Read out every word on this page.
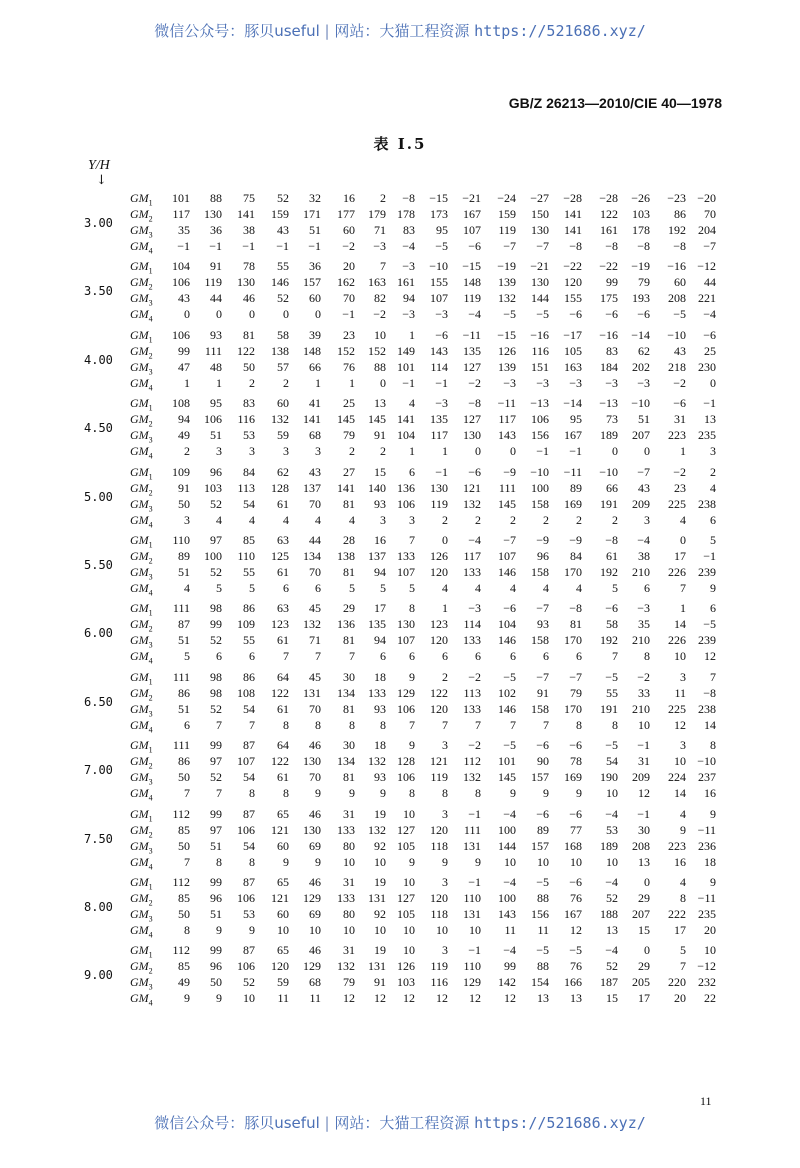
微信公众号：豚贝useful | 网站：大猫工程资源 https://521686.xyz/
GB/Z 26213—2010/CIE 40—1978
表 Ⅰ.5
Y/H
↓
3.00
$GM_1$	101	88	75	52	32	16	2	−8	−15	−21	−24	−27	−28	−28	−26	−23 −20
$GM_2$	117	130	141	159	171	177	179 178	173	167	159	150	141	122	103	86	70
$GM_3$	35	36	38	43	51	60	71	83	95	107	119	130	141	161	178	192	204
$GM_4$	−1	−1	−1	−1	−1	−2	−3	−4	−5	−6	−7	−7	−8	−8	−8	−8	−7
3.50
$GM_1$	104	91	78	55	36	20	7	−3	−10	−15	−19	−21	−22	−22	−19	−16 −12
$GM_2$	106	119	130	146	157	162	163 161	155	148	139	130	120	99	79	60	44
$GM_3$	43	44	46	52	60	70	82	94	107	119	132	144	155	175	193	208	221
$GM_4$	0	0	0	0	0	−1	−2	−3	−3	−4	−5	−5	−6	−6	−6	−5	−4
4.00
$GM_1$	106	93	81	58	39	23	10	1	−6	−11	−15	−16	−17	−16	−14	−10	−6
$GM_2$	99	111	122	138	148	152	152 149	143	135	126	116	105	83	62	43	25
$GM_3$	47	48	50	57	66	76	88 101	114	127	139	151	163	184	202	218	230
$GM_4$	1	1	2	2	1	1	0	−1	−1	−2	−3	−3	−3	−3	−3	−2	0
4.50
$GM_1$	108	95	83	60	41	25	13	4	−3	−8	−11	−13	−14	−13	−10	−6	−1
$GM_2$	94	106	116	132	141	145	145 141	135	127	117	106	95	73	51	31	13
$GM_3$	49	51	53	59	68	79	91 104	117	130	143	156	167	189	207	223	235
$GM_4$	2	3	3	3	3	2	2	1	1	0	0	−1	−1	0	0	1	3
5.00
$GM_1$	109	96	84	62	43	27	15	6	−1	−6	−9	−10	−11	−10	−7	−2	2
$GM_2$	91	103	113	128	137	141	140 136	130	121	111	100	89	66	43	23	4
$GM_3$	50	52	54	61	70	81	93 106	119	132	145	158	169	191	209	225	238
$GM_4$	3	4	4	4	4	4	3	3	2	2	2	2	2	2	3	4	6
5.50
$GM_1$	110	97	85	63	44	28	16	7	0	−4	−7	−9	−9	−8	−4	0	5
$GM_2$	89	100	110	125	134	138	137 133	126	117	107	96	84	61	38	17	−1
$GM_3$	51	52	55	61	70	81	94 107	120	133	146	158	170	192	210	226	239
$GM_4$	4	5	5	6	6	5	5	5	4	4	4	4	4	5	6	7	9
6.00
$GM_1$	111	98	86	63	45	29	17	8	1	−3	−6	−7	−8	−6	−3	1	6
$GM_2$	87	99	109	123	132	136	135 130	123	114	104	93	81	58	35	14	−5
$GM_3$	51	52	55	61	71	81	94 107	120	133	146	158	170	192	210	226	239
$GM_4$	5	6	6	7	7	7	6	6	6	6	6	6	6	7	8	10	12
6.50
$GM_1$	111	98	86	64	45	30	18	9	2	−2	−5	−7	−7	−5	−2	3	7
$GM_2$	86	98	108	122	131	134	133 129	122	113	102	91	79	55	33	11	−8
$GM_3$	51	52	54	61	70	81	93 106	120	133	146	158	170	191	210	225	238
$GM_4$	6	7	7	8	8	8	8	7	7	7	7	7	8	8	10	12	14
7.00
$GM_1$	111	99	87	64	46	30	18	9	3	−2	−5	−6	−6	−5	−1	3	8
$GM_2$	86	97	107	122	130	134	132 128	121	112	101	90	78	54	31	10 −10
$GM_3$	50	52	54	61	70	81	93 106	119	132	145	157	169	190	209	224	237
$GM_4$	7	7	8	8	9	9	9	8	8	8	9	9	9	10	12	14	16
7.50
$GM_1$	112	99	87	65	46	31	19	10	3	−1	−4	−6	−6	−4	−1	4	9
$GM_2$	85	97	106	121	130	133	132 127	120	111	100	89	77	53	30	9 −11
$GM_3$	50	51	54	60	69	80	92 105	118	131	144	157	168	189	208	223	236
$GM_4$	7	8	8	9	9	10	10	9	9	9	10	10	10	10	13	16	18
8.00
$GM_1$	112	99	87	65	46	31	19	10	3	−1	−4	−5	−6	−4	0	4	9
$GM_2$	85	96	106	121	129	133	131 127	120	110	100	88	76	52	29	8 −11
$GM_3$	50	51	53	60	69	80	92 105	118	131	143	156	167	188	207	222	235
$GM_4$	8	9	9	10	10	10	10	10	10	10	11	11	12	13	15	17	20
9.00
$GM_1$	112	99	87	65	46	31	19	10	3	−1	−4	−5	−5	−4	0	5	10
$GM_2$	85	96	106	120	129	132	131 126	119	110	99	88	76	52	29	7 −12
$GM_3$	49	50	52	59	68	79	91 103	116	129	142	154	166	187	205	220	232
$GM_4$	9	9	10	11	11	12	12	12	12	12	12	13	13	15	17	20	22
11
微信公众号：豚贝useful | 网站：大猫工程资源 https://521686.xyz/
